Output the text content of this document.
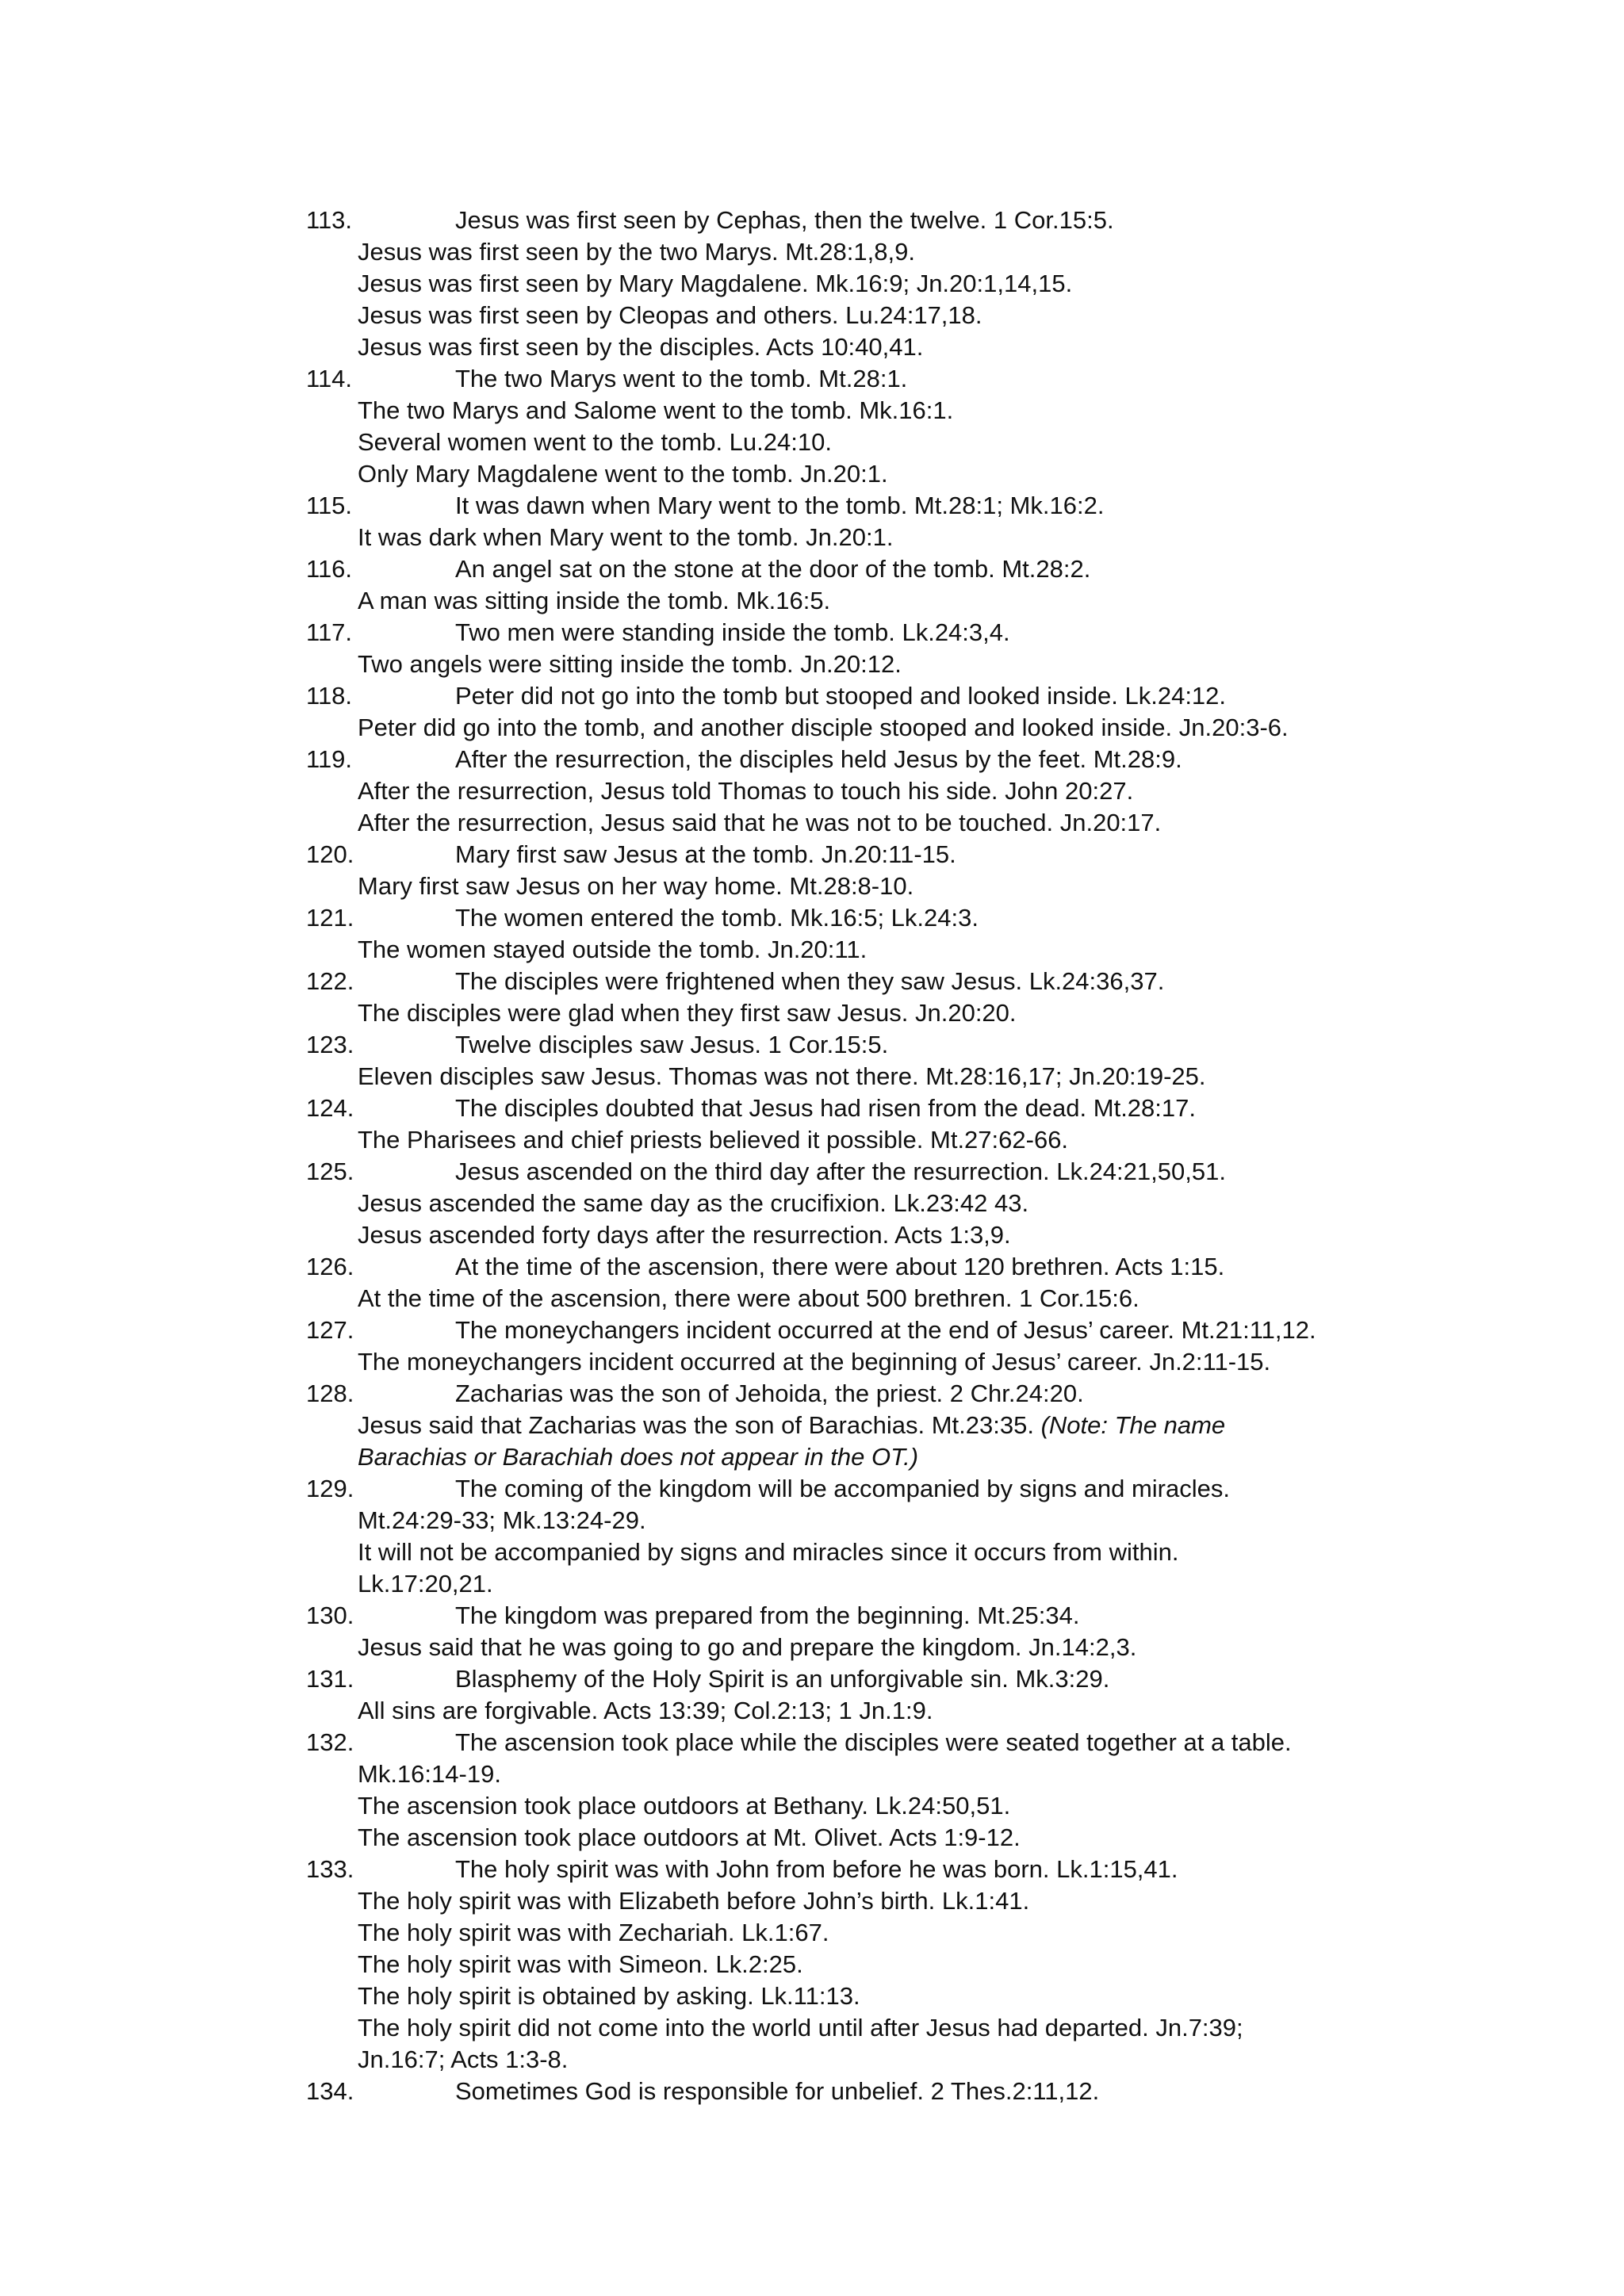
113.	Jesus was first seen by Cephas, then the twelve. 1 Cor.15:5.
Jesus was first seen by the two Marys. Mt.28:1,8,9.
Jesus was first seen by Mary Magdalene. Mk.16:9; Jn.20:1,14,15.
Jesus was first seen by Cleopas and others. Lu.24:17,18.
Jesus was first seen by the disciples. Acts 10:40,41.
114.	The two Marys went to the tomb. Mt.28:1.
The two Marys and Salome went to the tomb. Mk.16:1.
Several women went to the tomb. Lu.24:10.
Only Mary Magdalene went to the tomb. Jn.20:1.
115.	It was dawn when Mary went to the tomb. Mt.28:1; Mk.16:2.
It was dark when Mary went to the tomb. Jn.20:1.
116.	An angel sat on the stone at the door of the tomb. Mt.28:2.
A man was sitting inside the tomb. Mk.16:5.
117.	Two men were standing inside the tomb. Lk.24:3,4.
Two angels were sitting inside the tomb. Jn.20:12.
118.	Peter did not go into the tomb but stooped and looked inside. Lk.24:12.
Peter did go into the tomb, and another disciple stooped and looked inside. Jn.20:3-6.
119.	After the resurrection, the disciples held Jesus by the feet. Mt.28:9.
After the resurrection, Jesus told Thomas to touch his side. John 20:27.
After the resurrection, Jesus said that he was not to be touched. Jn.20:17.
120.	Mary first saw Jesus at the tomb. Jn.20:11-15.
Mary first saw Jesus on her way home. Mt.28:8-10.
121.	The women entered the tomb. Mk.16:5; Lk.24:3.
The women stayed outside the tomb. Jn.20:11.
122.	The disciples were frightened when they saw Jesus. Lk.24:36,37.
The disciples were glad when they first saw Jesus. Jn.20:20.
123.	Twelve disciples saw Jesus. 1 Cor.15:5.
Eleven disciples saw Jesus. Thomas was not there. Mt.28:16,17; Jn.20:19-25.
124.	The disciples doubted that Jesus had risen from the dead. Mt.28:17.
The Pharisees and chief priests believed it possible. Mt.27:62-66.
125.	Jesus ascended on the third day after the resurrection. Lk.24:21,50,51.
Jesus ascended the same day as the crucifixion. Lk.23:42 43.
Jesus ascended forty days after the resurrection. Acts 1:3,9.
126.	At the time of the ascension, there were about 120 brethren. Acts 1:15.
At the time of the ascension, there were about 500 brethren. 1 Cor.15:6.
127.	The moneychangers incident occurred at the end of Jesus’ career. Mt.21:11,12.
The moneychangers incident occurred at the beginning of Jesus’ career. Jn.2:11-15.
128.	Zacharias was the son of Jehoida, the priest. 2 Chr.24:20.
Jesus said that Zacharias was the son of Barachias. Mt.23:35. (Note: The name
Barachias or Barachiah does not appear in the OT.)
129.	The coming of the kingdom will be accompanied by signs and miracles.
Mt.24:29-33; Mk.13:24-29.
It will not be accompanied by signs and miracles since it occurs from within.
Lk.17:20,21.
130.	The kingdom was prepared from the beginning. Mt.25:34.
Jesus said that he was going to go and prepare the kingdom. Jn.14:2,3.
131.	Blasphemy of the Holy Spirit is an unforgivable sin. Mk.3:29.
All sins are forgivable. Acts 13:39; Col.2:13; 1 Jn.1:9.
132.	The ascension took place while the disciples were seated together at a table.
Mk.16:14-19.
The ascension took place outdoors at Bethany. Lk.24:50,51.
The ascension took place outdoors at Mt. Olivet. Acts 1:9-12.
133.	The holy spirit was with John from before he was born. Lk.1:15,41.
The holy spirit was with Elizabeth before John’s birth. Lk.1:41.
The holy spirit was with Zechariah. Lk.1:67.
The holy spirit was with Simeon. Lk.2:25.
The holy spirit is obtained by asking. Lk.11:13.
The holy spirit did not come into the world until after Jesus had departed. Jn.7:39;
Jn.16:7; Acts 1:3-8.
134.	Sometimes God is responsible for unbelief. 2 Thes.2:11,12.
